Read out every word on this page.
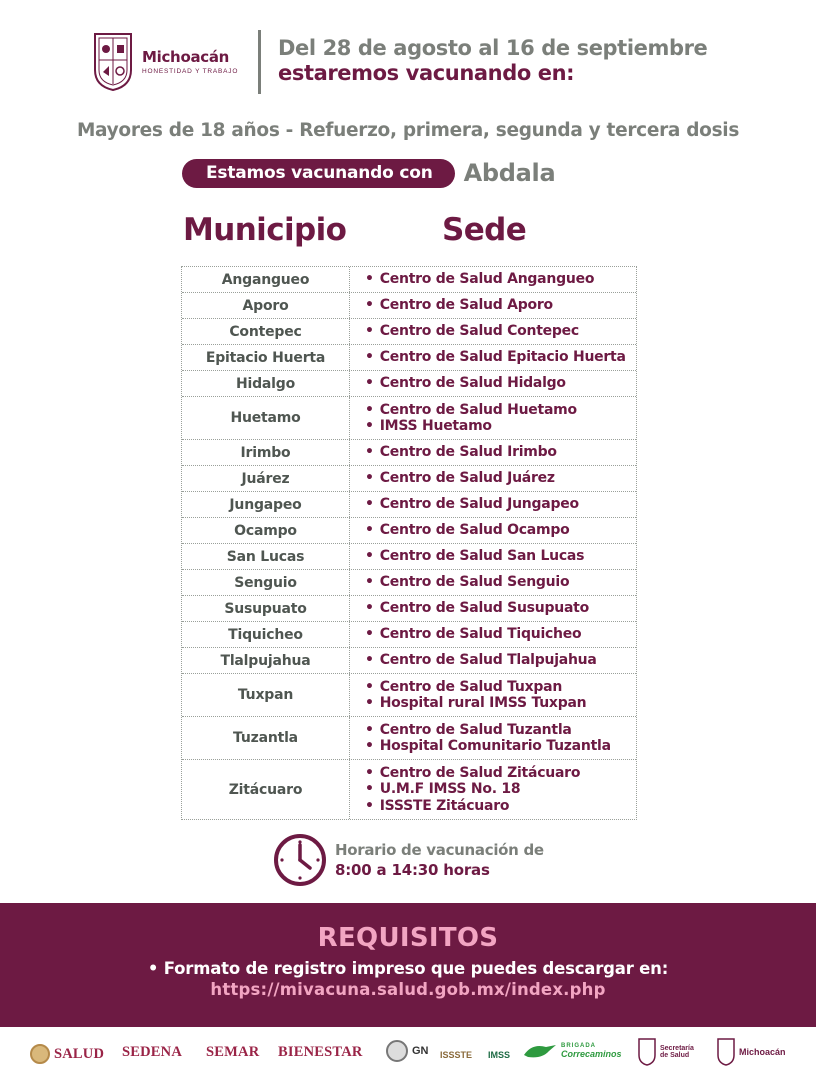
Michoacán
HONESTIDAD Y TRABAJO
Del 28 de agosto al 16 de septiembre
estaremos vacunando en:
Mayores de 18 años - Refuerzo, primera, segunda y tercera dosis
Estamos vacunando con	Abdala
Municipio	Sede
Angangueo	• Centro de Salud Angangueo
Aporo	• Centro de Salud Aporo
Contepec	• Centro de Salud Contepec
Epitacio Huerta	• Centro de Salud Epitacio Huerta
Hidalgo	• Centro de Salud Hidalgo
Huetamo
• Centro de Salud Huetamo
• IMSS Huetamo
Irimbo	• Centro de Salud Irimbo
Juárez	• Centro de Salud Juárez
Jungapeo	• Centro de Salud Jungapeo
Ocampo	• Centro de Salud Ocampo
San Lucas	• Centro de Salud San Lucas
Senguio	• Centro de Salud Senguio
Susupuato	• Centro de Salud Susupuato
Tiquicheo	• Centro de Salud Tiquicheo
Tlalpujahua	• Centro de Salud Tlalpujahua
Tuxpan
• Centro de Salud Tuxpan
• Hospital rural IMSS Tuxpan
Tuzantla
• Centro de Salud Tuzantla
• Hospital Comunitario Tuzantla
Zitácuaro
• Centro de Salud Zitácuaro
• U.M.F IMSS No. 18
• ISSSTE Zitácuaro
Horario de vacunación de
8:00 a 14:30 horas
REQUISITOS
• Formato de registro impreso que puedes descargar en:
https://mivacuna.salud.gob.mx/index.php
SALUD SEDENA SEMAR BIENESTAR	GN ISSSTE IMSS
BRIGADA
Correcaminos
Secretaría
de Salud	Michoacán
